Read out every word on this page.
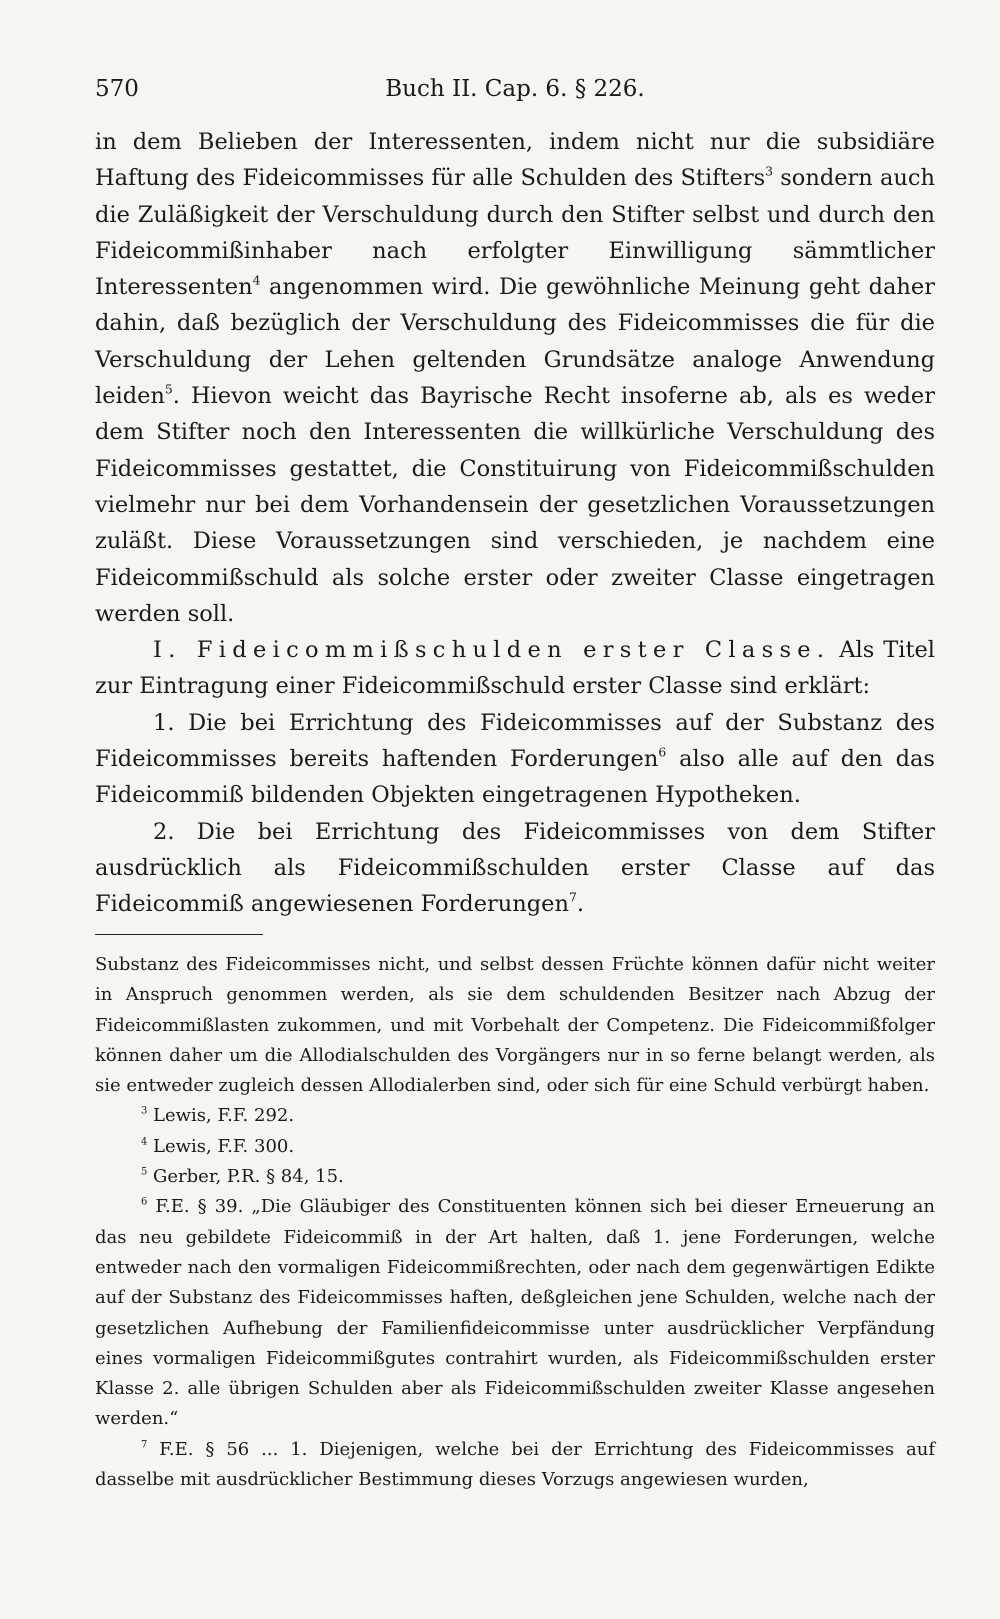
570	Buch II. Cap. 6. § 226.

in dem Belieben der Interessenten, indem nicht nur die subsidiäre Haftung des Fideicommisses für alle Schulden des Stifters$^3$ sondern auch die Zuläßigkeit der Verschuldung durch den Stifter selbst und durch den Fideicommißinhaber nach erfolgter Einwilligung sämmtlicher Interessenten$^4$ angenommen wird. Die gewöhnliche Meinung geht daher dahin, daß bezüglich der Verschuldung des Fideicommisses die für die Verschuldung der Lehen geltenden Grundsätze analoge Anwendung leiden$^5$. Hievon weicht das Bayrische Recht insoferne ab, als es weder dem Stifter noch den Interessenten die willkürliche Verschuldung des Fideicommisses gestattet, die Constituirung von Fideicommißschulden vielmehr nur bei dem Vorhandensein der gesetzlichen Voraussetzungen zuläßt. Diese Voraussetzungen sind verschieden, je nachdem eine Fideicommißschuld als solche erster oder zweiter Classe eingetragen werden soll.

I. Fideicommißschulden erster Classe. Als Titel zur Eintragung einer Fideicommißschuld erster Classe sind erklärt:

1. Die bei Errichtung des Fideicommisses auf der Substanz des Fideicommisses bereits haftenden Forderungen$^6$ also alle auf den das Fideicommiß bildenden Objekten eingetragenen Hypotheken.

2. Die bei Errichtung des Fideicommisses von dem Stifter ausdrücklich als Fideicommißschulden erster Classe auf das Fideicommiß angewiesenen Forderungen$^7$.

Substanz des Fideicommisses nicht, und selbst dessen Früchte können dafür nicht weiter in Anspruch genommen werden, als sie dem schuldenden Besitzer nach Abzug der Fideicommißlasten zukommen, und mit Vorbehalt der Competenz. Die Fideicommißfolger können daher um die Allodialschulden des Vorgängers nur in so ferne belangt werden, als sie entweder zugleich dessen Allodialerben sind, oder sich für eine Schuld verbürgt haben.

$^3$ Lewis, F.F. 292.

$^4$ Lewis, F.F. 300.

$^5$ Gerber, P.R. § 84, 15.

$^6$ F.E. § 39. „Die Gläubiger des Constituenten können sich bei dieser Erneuerung an das neu gebildete Fideicommiß in der Art halten, daß 1. jene Forderungen, welche entweder nach den vormaligen Fideicommißrechten, oder nach dem gegenwärtigen Edikte auf der Substanz des Fideicommisses haften, deßgleichen jene Schulden, welche nach der gesetzlichen Aufhebung der Familienfideicommisse unter ausdrücklicher Verpfändung eines vormaligen Fideicommißgutes contrahirt wurden, als Fideicommißschulden erster Klasse 2. alle übrigen Schulden aber als Fideicommißschulden zweiter Klasse angesehen werden.“

$^7$ F.E. § 56 ... 1. Diejenigen, welche bei der Errichtung des Fideicommisses auf dasselbe mit ausdrücklicher Bestimmung dieses Vorzugs angewiesen wurden,
